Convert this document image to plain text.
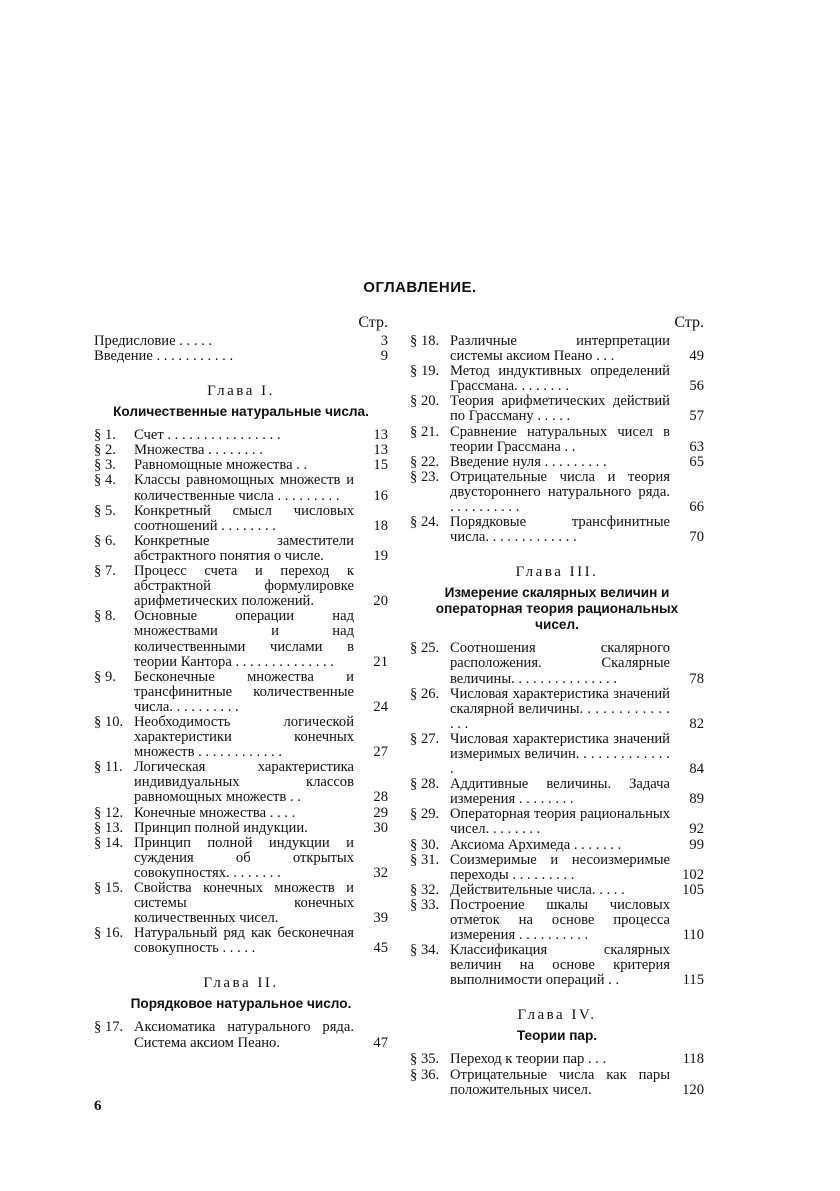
ОГЛАВЛЕНИЕ.
Стр.
Предисловие . . . . .	3
Введение . . . . . . . . . . .	9
Глава I.
Количественные натуральные числа.
§ 1.	Счет . . . . . . . . . . . . . . . .	13
§ 2.	Множества . . . . . . . .	13
§ 3.	Равномощные множества . .	15
§ 4.	Классы равномощных множеств и количественные числа . . . . . . . . .	16
§ 5.	Конкретный смысл числовых соотношений . . . . . . . .	18
§ 6.	Конкретные заместители абстрактного понятия о числе.	19
§ 7.	Процесс счета и переход к абстрактной формулировке арифметических положений.	20
§ 8.	Основные операции над множествами и над количественными числами в теории Кантора . . . . . . . . . . . . . .	21
§ 9.	Бесконечные множества и трансфинитные количественные числа. . . . . . . . . .	24
§ 10. Необходимость логической характеристики конечных множеств . . . . . . . . . . . .	27
§ 11. Логическая характеристика индивидуальных классов равномощных множеств . .	28
§ 12. Конечные множества . . . .	29
§ 13. Принцип полной индукции.	30
§ 14. Принцип полной индукции и суждения об открытых совокупностях. . . . . . . .	32
§ 15. Свойства конечных множеств и системы конечных количественных чисел.	39
§ 16. Натуральный ряд как бесконечная совокупность . . . . .	45
Глава II.
Порядковое натуральное число.
§ 17. Аксиоматика натурального ряда. Система аксиом Пеано.	47
Стр.
§ 18. Различные интерпретации системы аксиом Пеано . . .	49
§ 19. Метод индуктивных определений Грассмана. . . . . . . .	56
§ 20. Теория арифметических действий по Грассману . . . . .	57
§ 21. Сравнение натуральных чисел в теории Грассмана . .	63
§ 22. Введение нуля . . . . . . . . .	65
§ 23. Отрицательные числа и теория двустороннего натурального ряда. . . . . . . . . . .	66
§ 24. Порядковые трансфинитные числа. . . . . . . . . . . . .	70
Глава III.
Измерение скалярных величин и операторная теория рациональных чисел.
§ 25. Соотношения скалярного расположения. Скалярные величины. . . . . . . . . . . . . . .	78
§ 26. Числовая характеристика значений скалярной величины. . . . . . . . . . . . . . .	82
§ 27. Числовая характеристика значений измеримых величин. . . . . . . . . . . . . .	84
§ 28. Аддитивные величины. Задача измерения . . . . . . . .	89
§ 29. Операторная теория рациональных чисел. . . . . . . .	92
§ 30. Аксиома Архимеда . . . . . . .	99
§ 31. Соизмеримые и несоизмеримые переходы . . . . . . . . .	102
§ 32. Действительные числа. . . . .	105
§ 33. Построение шкалы числовых отметок на основе процесса измерения . . . . . . . . . .	110
§ 34. Классификация скалярных величин на основе критерия выполнимости операций . .	115
Глава IV.
Теории пар.
§ 35. Переход к теории пар . . .	118
§ 36. Отрицательные числа как пары положительных чисел.	120
6
